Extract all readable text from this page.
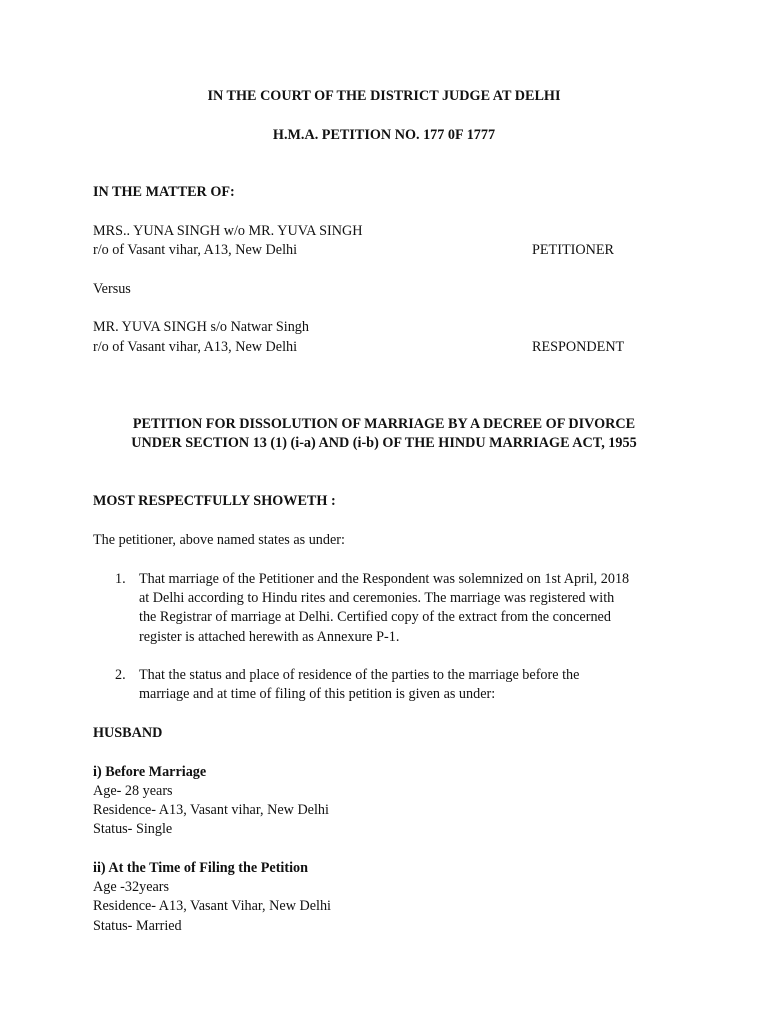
IN THE COURT OF THE DISTRICT JUDGE AT DELHI
H.M.A. PETITION NO. 177 0F 1777
IN THE MATTER OF:
MRS.. YUNA SINGH w/o MR. YUVA SINGH
r/o of Vasant vihar, A13, New Delhi	PETITIONER
Versus
MR. YUVA SINGH s/o Natwar Singh
r/o of Vasant vihar, A13, New Delhi	RESPONDENT
PETITION FOR DISSOLUTION OF MARRIAGE BY A DECREE OF DIVORCE
UNDER SECTION 13 (1) (i-a) AND (i-b) OF THE HINDU MARRIAGE ACT, 1955
MOST RESPECTFULLY SHOWETH :
The petitioner, above named states as under:
1. That marriage of the Petitioner and the Respondent was solemnized on 1st April, 2018
at Delhi according to Hindu rites and ceremonies. The marriage was registered with
the Registrar of marriage at Delhi. Certified copy of the extract from the concerned
register is attached herewith as Annexure P-1.
2. That the status and place of residence of the parties to the marriage before the
marriage and at time of filing of this petition is given as under:
HUSBAND
i) Before Marriage
Age- 28 years
Residence- A13, Vasant vihar, New Delhi
Status- Single
ii) At the Time of Filing the Petition
Age -32years
Residence- A13, Vasant Vihar, New Delhi
Status- Married
